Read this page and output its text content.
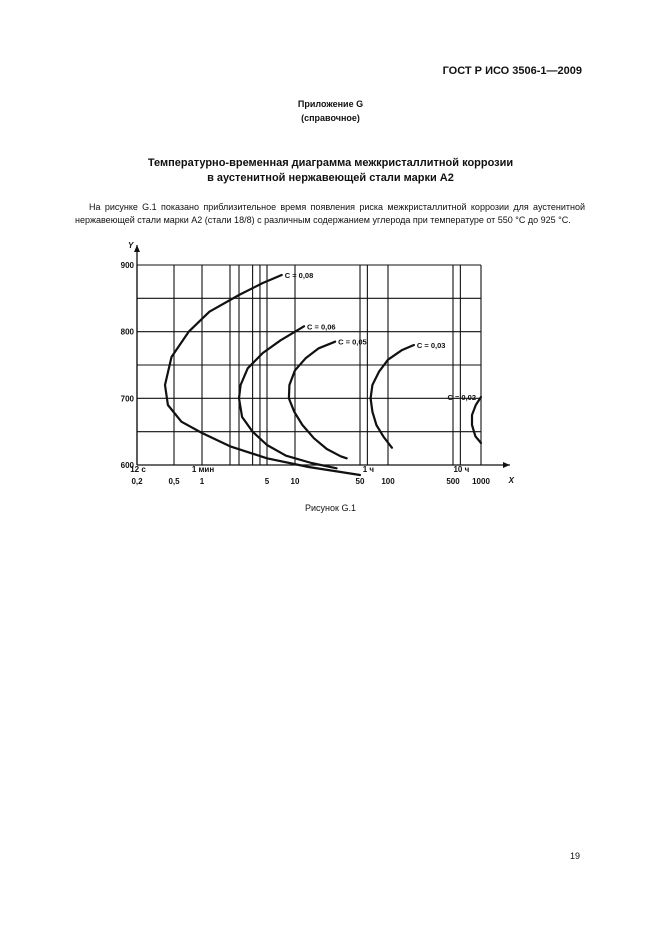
ГОСТ Р ИСО 3506-1—2009
Приложение G
(справочное)
Температурно-временная диаграмма межкристаллитной коррозии
в аустенитной нержавеющей стали марки А2
На рисунке G.1 показано приблизительное время появления риска межкристаллитной коррозии для аустенитной нержавеющей стали марки А2 (стали 18/8) с различным содержанием углерода при температуре от 550 °С до 925 °С.
X
Y
600
700
800
900
0,2	0,5	1	5	10	50 100	500 1000
12 с	1 мин	1 ч	10 ч
C = 0,08
C = 0,06
C = 0,05	C = 0,03
C = 0,02
Рисунок G.1
19
